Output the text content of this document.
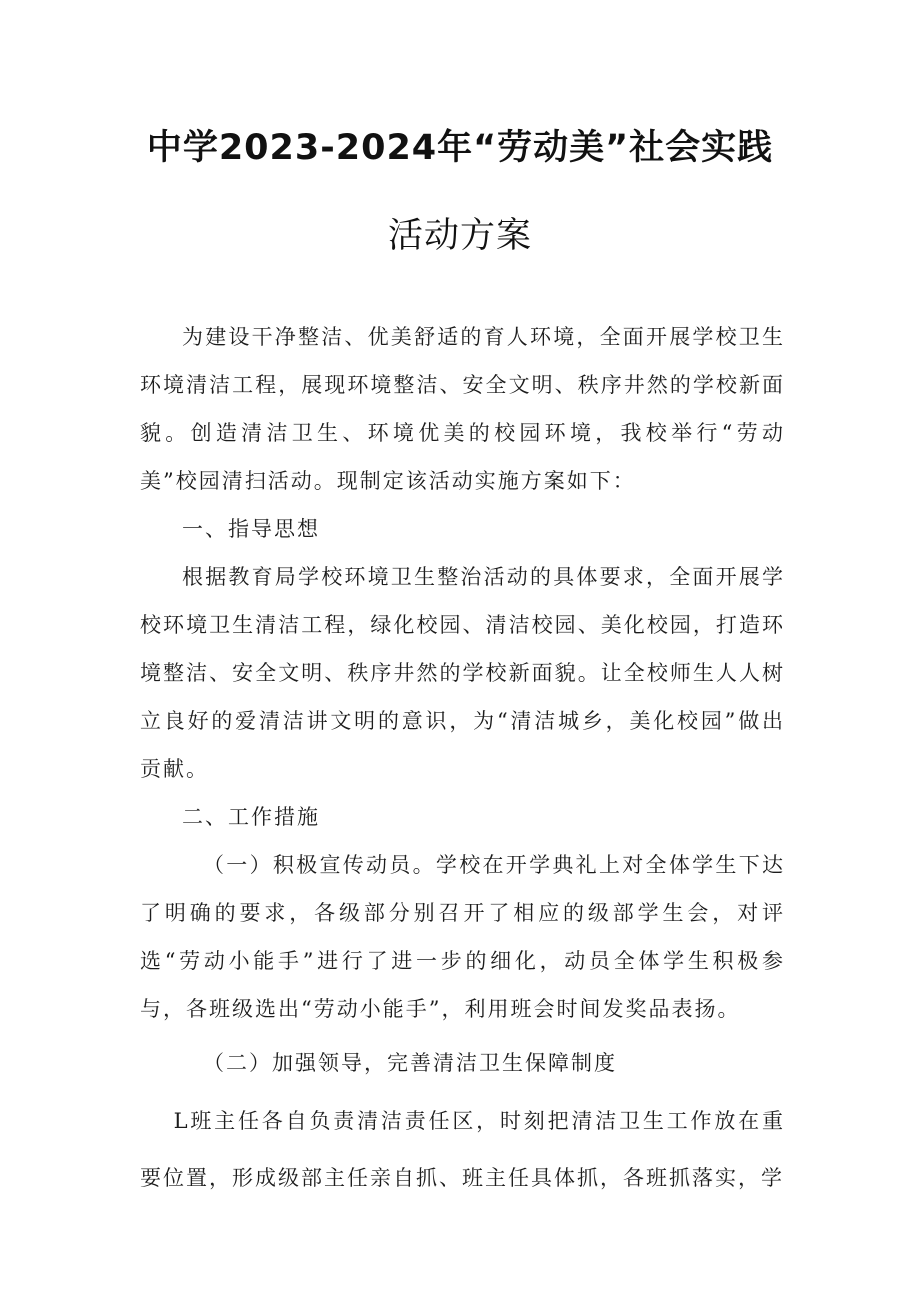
中学2023-2024年“劳动美”社会实践
活动方案

为建设干净整洁、优美舒适的育人环境，全面开展学校卫生环境清洁工程，展现环境整洁、安全文明、秩序井然的学校新面貌。创造清洁卫生、环境优美的校园环境，我校举行“劳动美”校园清扫活动。现制定该活动实施方案如下：

一、指导思想

根据教育局学校环境卫生整治活动的具体要求，全面开展学校环境卫生清洁工程，绿化校园、清洁校园、美化校园，打造环境整洁、安全文明、秩序井然的学校新面貌。让全校师生人人树立良好的爱清洁讲文明的意识，为“清洁城乡，美化校园”做出贡献。

二、工作措施

（一）积极宣传动员。学校在开学典礼上对全体学生下达了明确的要求，各级部分别召开了相应的级部学生会，对评选“劳动小能手”进行了进一步的细化，动员全体学生积极参与，各班级选出“劳动小能手”，利用班会时间发奖品表扬。

（二）加强领导，完善清洁卫生保障制度

L班主任各自负责清洁责任区，时刻把清洁卫生工作放在重要位置，形成级部主任亲自抓、班主任具体抓，各班抓落实，学
